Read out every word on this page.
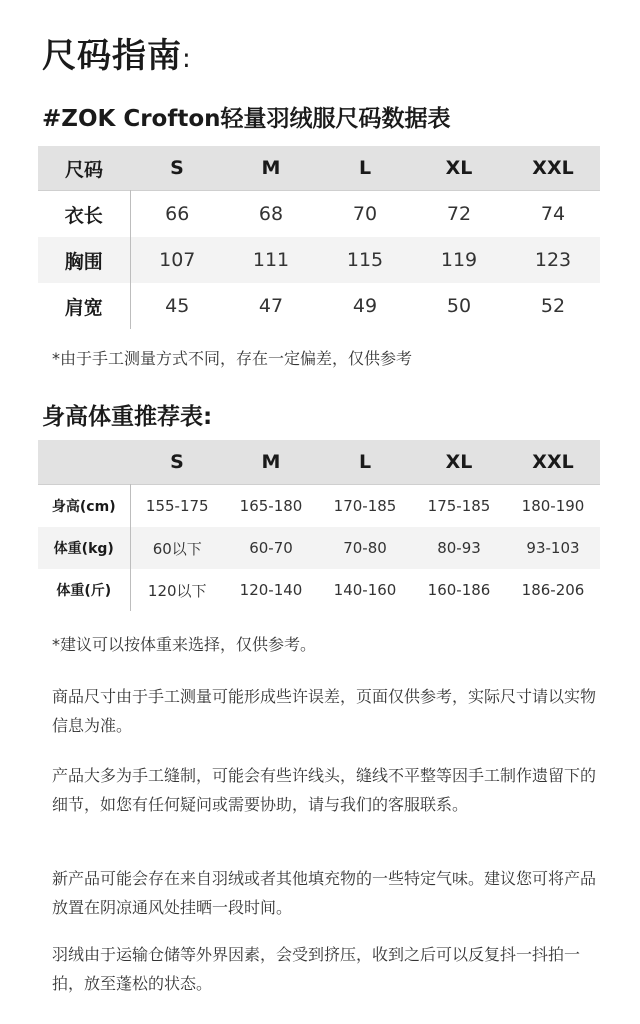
尺码指南:
#ZOK Crofton轻量羽绒服尺码数据表
尺码	S	M	L	XL	XXL
衣长	66	68	70	72	74
胸围	107	111	115	119	123
肩宽	45	47	49	50	52

*由于手工测量方式不同，存在一定偏差，仅供参考

身高体重推荐表:
	S	M	L	XL	XXL
身高(cm)	155-175	165-180	170-185	175-185	180-190
体重(kg)	60以下	60-70	70-80	80-93	93-103
体重(斤)	120以下	120-140	140-160	160-186	186-206

*建议可以按体重来选择，仅供参考。

商品尺寸由于手工测量可能形成些许误差，页面仅供参考，实际尺寸请以实物信息为准。

产品大多为手工缝制，可能会有些许线头，缝线不平整等因手工制作遗留下的细节，如您有任何疑问或需要协助，请与我们的客服联系。

新产品可能会存在来自羽绒或者其他填充物的一些特定气味。建议您可将产品放置在阴凉通风处挂晒一段时间。

羽绒由于运输仓储等外界因素，会受到挤压，收到之后可以反复抖一抖拍一拍，放至蓬松的状态。
